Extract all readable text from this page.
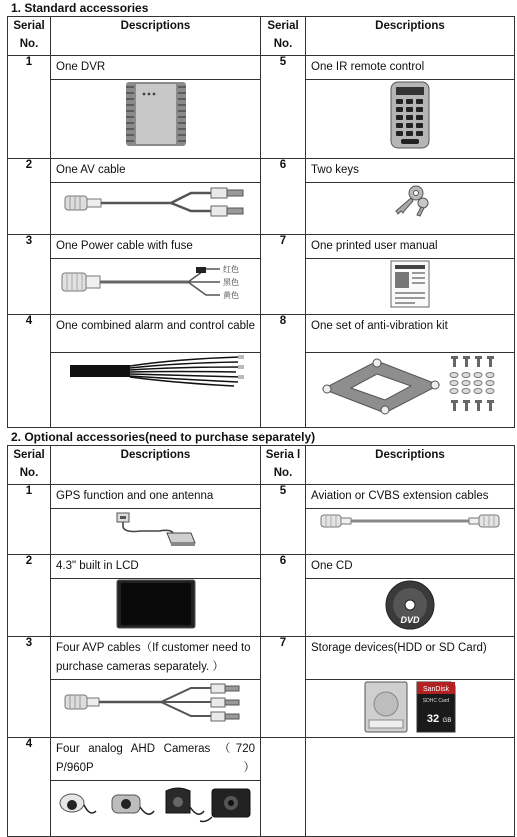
1. Standard accessories
Serial No.	Descriptions	Serial No.	Descriptions
1	One DVR	5	One IR remote control

2	One AV cable	6	Two keys

3	One Power cable with fuse	7	One printed user manual

红色
黑色
黄色

4	One combined alarm and control cable	8	One set of anti-vibration kit

2. Optional accessories(need to purchase separately)
Serial No.	Descriptions	Seria l No.	Descriptions
1	GPS function and one antenna	5	Aviation or CVBS extension cables

2	4.3" built in LCD	6	One CD

DVD

3	Four AVP cables（If customer need to purchase cameras separately. ）	7	Storage devices(HDD or SD Card)

SanDisk
SDHC Card
32 GB

4	Four analog AHD Cameras （720 P/960P）		
